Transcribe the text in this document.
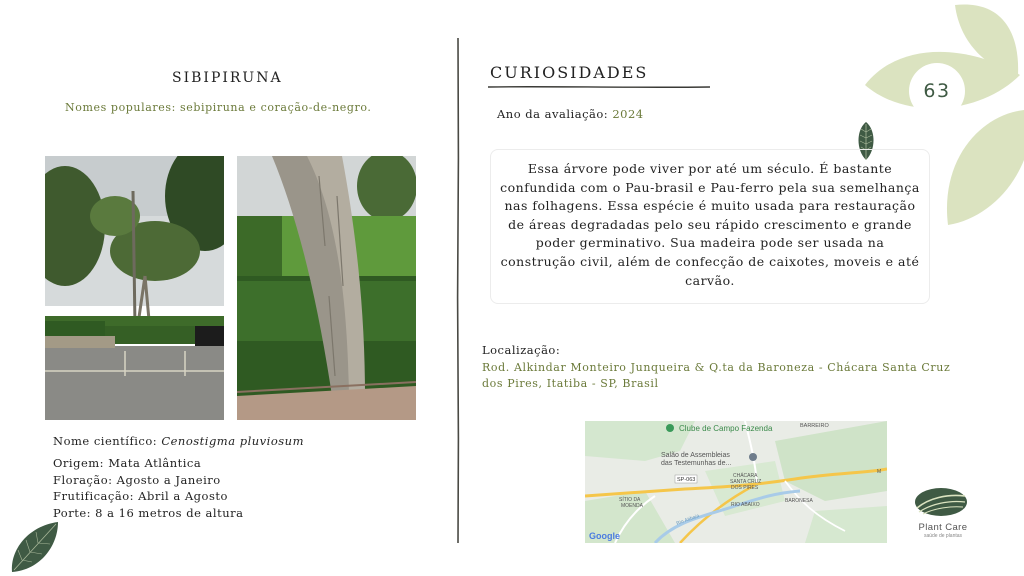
63
SIBIPIRUNA
Nomes populares: sebipiruna e coração-de-negro.
Nome científico: Cenostigma pluviosum
Origem: Mata Atlântica
Floração: Agosto a Janeiro
Frutificação: Abril a Agosto
Porte: 8 a 16 metros de altura
CURIOSIDADES
Ano da avaliação: 2024
Essa árvore pode viver por até um século. É bastante confundida com o Pau-brasil e Pau-ferro pela sua semelhança nas folhagens. Essa espécie é muito usada para restauração de áreas degradadas pelo seu rápido crescimento e grande poder germinativo. Sua madeira pode ser usada na construção civil, além de confecção de caixotes, moveis e até carvão.
Localização:
Rod. Alkindar Monteiro Junqueira & Q.ta da Baroneza - Chácara Santa Cruz dos Pires, Itatiba - SP, Brasil
Clube de Campo Fazenda	BARREIRO
Salão de Assembleias
das Testemunhas de...
SP-063
CHÁCARA
SANTA CRUZ
DOS PIRES
SÍTIO DA
MOENDA	RIO ABAIXO
BARONESA
Rio Atibaia
M
Google
Plant Care
saúde de plantas
